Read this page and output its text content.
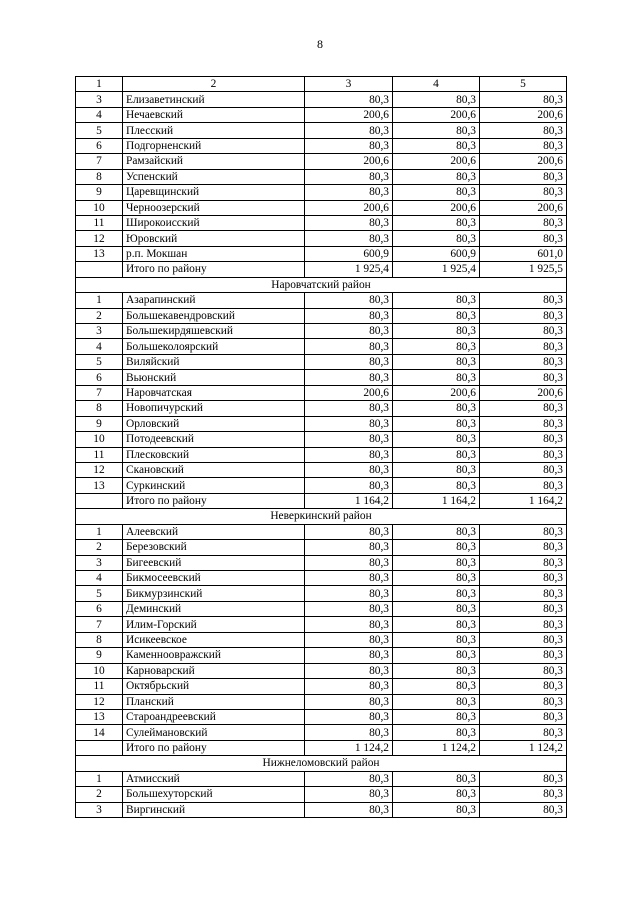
8
1	2	3	4	5
3	Елизаветинский	80,3	80,3	80,3
4	Нечаевский	200,6	200,6	200,6
5	Плесский	80,3	80,3	80,3
6	Подгорненский	80,3	80,3	80,3
7	Рамзайский	200,6	200,6	200,6
8	Успенский	80,3	80,3	80,3
9	Царевщинский	80,3	80,3	80,3
10	Черноозерский	200,6	200,6	200,6
11	Широкоисский	80,3	80,3	80,3
12	Юровский	80,3	80,3	80,3
13	р.п. Мокшан	600,9	600,9	601,0
	Итого по району	1 925,4	1 925,4	1 925,5
Наровчатский район				
1	Азарапинский	80,3	80,3	80,3
2	Большекавендровский	80,3	80,3	80,3
3	Большекирдяшевский	80,3	80,3	80,3
4	Большеколоярский	80,3	80,3	80,3
5	Виляйский	80,3	80,3	80,3
6	Вьюнский	80,3	80,3	80,3
7	Наровчатская	200,6	200,6	200,6
8	Новопичурский	80,3	80,3	80,3
9	Орловский	80,3	80,3	80,3
10	Потодеевский	80,3	80,3	80,3
11	Плесковский	80,3	80,3	80,3
12	Скановский	80,3	80,3	80,3
13	Суркинский	80,3	80,3	80,3
	Итого по району	1 164,2	1 164,2	1 164,2
Неверкинский район				
1	Алеевский	80,3	80,3	80,3
2	Березовский	80,3	80,3	80,3
3	Бигеевский	80,3	80,3	80,3
4	Бикмосеевский	80,3	80,3	80,3
5	Бикмурзинский	80,3	80,3	80,3
6	Деминский	80,3	80,3	80,3
7	Илим-Горский	80,3	80,3	80,3
8	Исикеевское	80,3	80,3	80,3
9	Каменноовражский	80,3	80,3	80,3
10	Карноварский	80,3	80,3	80,3
11	Октябрьский	80,3	80,3	80,3
12	Планский	80,3	80,3	80,3
13	Староандреевский	80,3	80,3	80,3
14	Сулеймановский	80,3	80,3	80,3
	Итого по району	1 124,2	1 124,2	1 124,2
Нижнеломовский район				
1	Атмисский	80,3	80,3	80,3
2	Большехуторский	80,3	80,3	80,3
3	Виргинский	80,3	80,3	80,3
